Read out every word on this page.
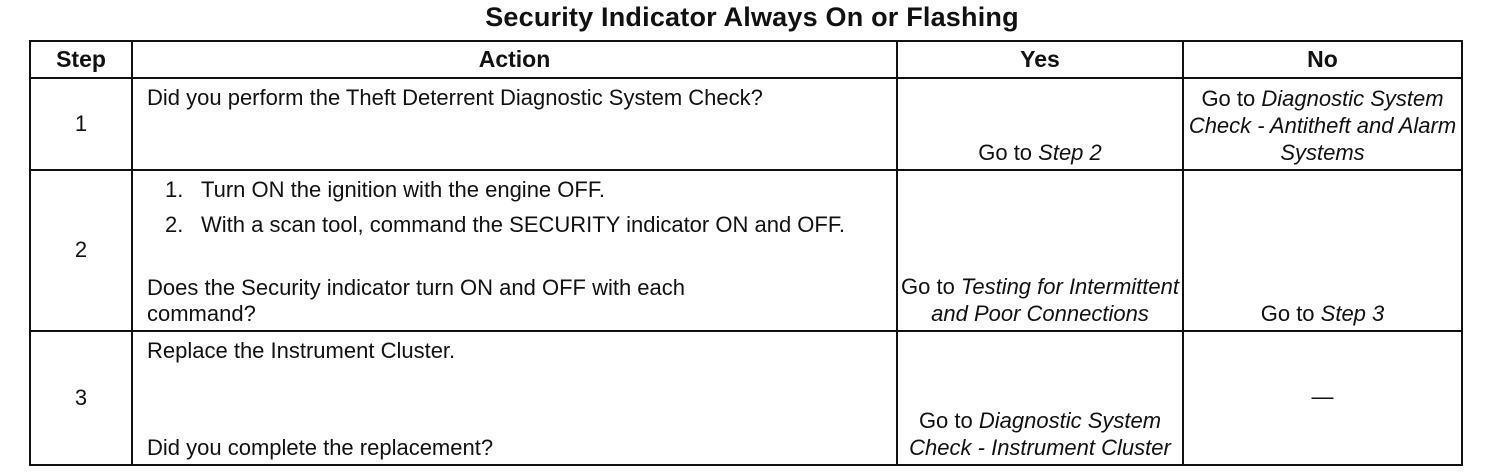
Security Indicator Always On or Flashing
Step	Action	Yes	No
1	Did you perform the Theft Deterrent Diagnostic System Check?	Go to Step 2	Go to Diagnostic System Check - Antitheft and Alarm Systems
2	1. Turn ON the ignition with the engine OFF.
2. With a scan tool, command the SECURITY indicator ON and OFF.
Does the Security indicator turn ON and OFF with each command?	Go to Testing for Intermittent and Poor Connections	Go to Step 3
3	Replace the Instrument Cluster.
Did you complete the replacement?	Go to Diagnostic System Check - Instrument Cluster	—
